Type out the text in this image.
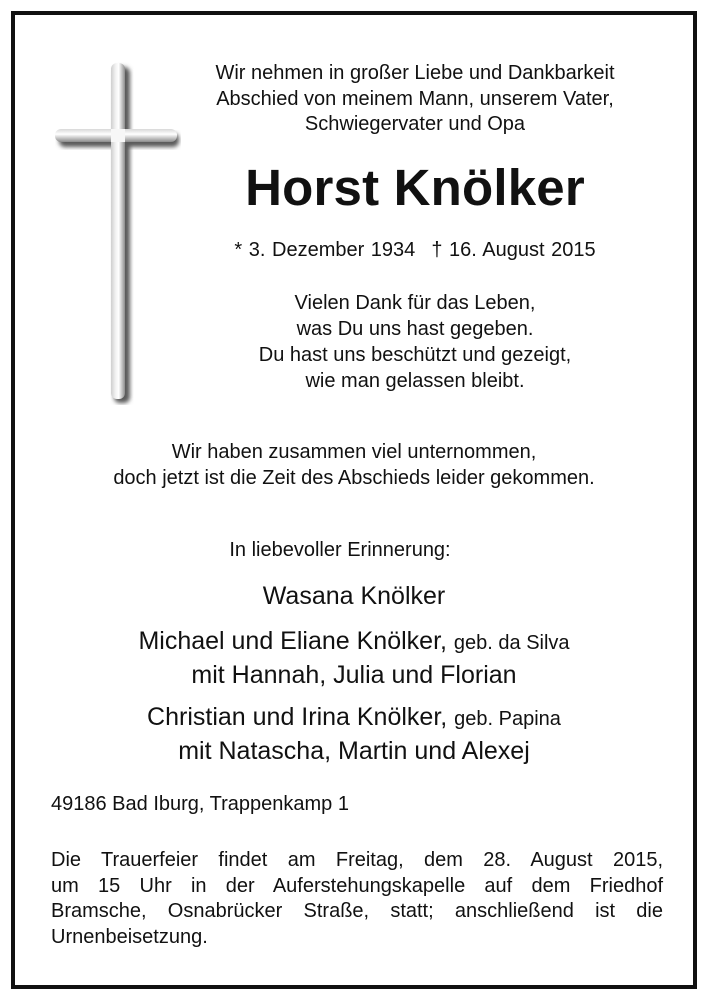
Wir nehmen in großer Liebe und Dankbarkeit
Abschied von meinem Mann, unserem Vater,
Schwiegervater und Opa
Horst Knölker
* 3. Dezember 1934 † 16. August 2015
Vielen Dank für das Leben,
was Du uns hast gegeben.
Du hast uns beschützt und gezeigt,
wie man gelassen bleibt.
Wir haben zusammen viel unternommen,
doch jetzt ist die Zeit des Abschieds leider gekommen.
In liebevoller Erinnerung:
Wasana Knölker
Michael und Eliane Knölker, geb. da Silva
mit Hannah, Julia und Florian
Christian und Irina Knölker, geb. Papina
mit Natascha, Martin und Alexej
49186 Bad Iburg, Trappenkamp 1
Die Trauerfeier findet am Freitag, dem 28. August 2015,
um 15 Uhr in der Auferstehungskapelle auf dem Friedhof
Bramsche, Osnabrücker Straße, statt; anschließend ist die
Urnenbeisetzung.
